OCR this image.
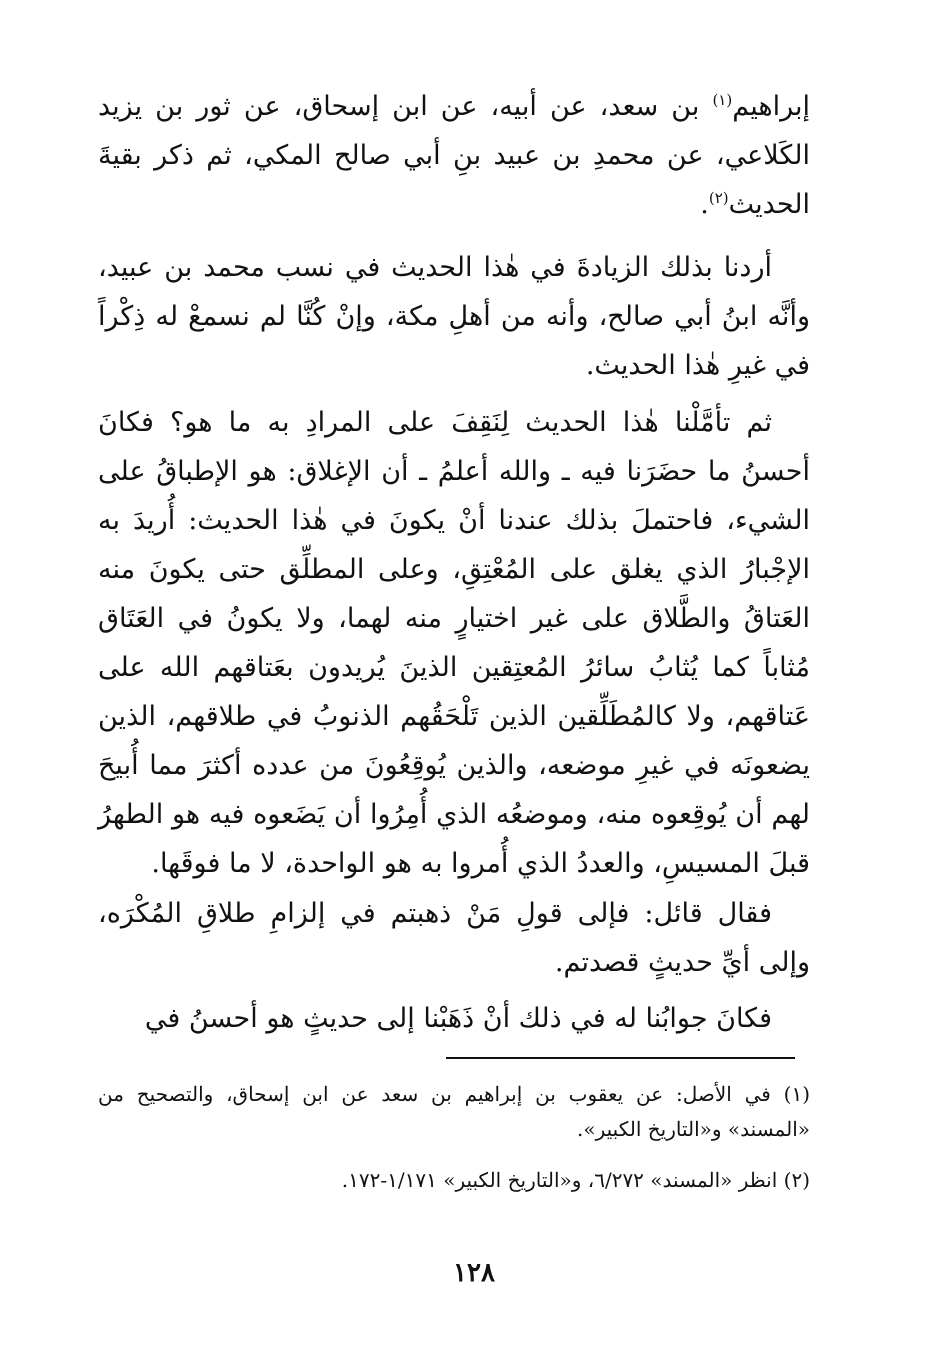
إبراهيم$^{(١)}$ بن سعد، عن أبيه، عن ابن إسحاق، عن ثور بن يزيد الكَلاعي، عن محمدِ بن عبيد بنِ أبي صالح المكي، ثم ذكر بقيةَ الحديث$^{(٢)}$.

أردنا بذلك الزيادةَ في هٰذا الحديث في نسب محمد بن عبيد، وأنَّه ابنُ أبي صالح، وأنه من أهلِ مكة، وإنْ كُنَّا لم نسمعْ له ذِكْراً في غيرِ هٰذا الحديث.

ثم تأمَّلْنا هٰذا الحديث لِنَقِفَ على المرادِ به ما هو؟ فكانَ أحسنُ ما حضَرَنا فيه ـ والله أعلمُ ـ أن الإغلاق: هو الإطباقُ على الشيء، فاحتملَ بذلك عندنا أنْ يكونَ في هٰذا الحديث: أُريدَ به الإجْبارُ الذي يغلق على المُعْتِقِ، وعلى المطلِّق حتى يكونَ منه العَتاقُ والطَّلاق على غير اختيارٍ منه لهما، ولا يكونُ في العَتَاق مُثاباً كما يُثابُ سائرُ المُعتِقين الذينَ يُريدون بعَتاقهم الله على عَتاقهم، ولا كالمُطَلِّقين الذين تَلْحَقُهم الذنوبُ في طلاقهم، الذين يضعونَه في غيرِ موضعه، والذين يُوقِعُونَ من عدده أكثرَ مما أُبيحَ لهم أن يُوقِعوه منه، وموضعُه الذي أُمِرُوا أن يَضَعوه فيه هو الطهرُ قبلَ المسيسِ، والعددُ الذي أُمروا به هو الواحدة، لا ما فوقَها.

فقال قائل: فإلى قولِ مَنْ ذهبتم في إلزامِ طلاقِ المُكْرَه، وإلى أيِّ حديثٍ قصدتم.

فكانَ جوابُنا له في ذلك أنْ ذَهَبْنا إلى حديثٍ هو أحسنُ في

(١) في الأصل: عن يعقوب بن إبراهيم بن سعد عن ابن إسحاق، والتصحيح من «المسند» و«التاريخ الكبير».

(٢) انظر «المسند» ٦/٢٧٢، و«التاريخ الكبير» ١/١٧١-١٧٢.

١٢٨
